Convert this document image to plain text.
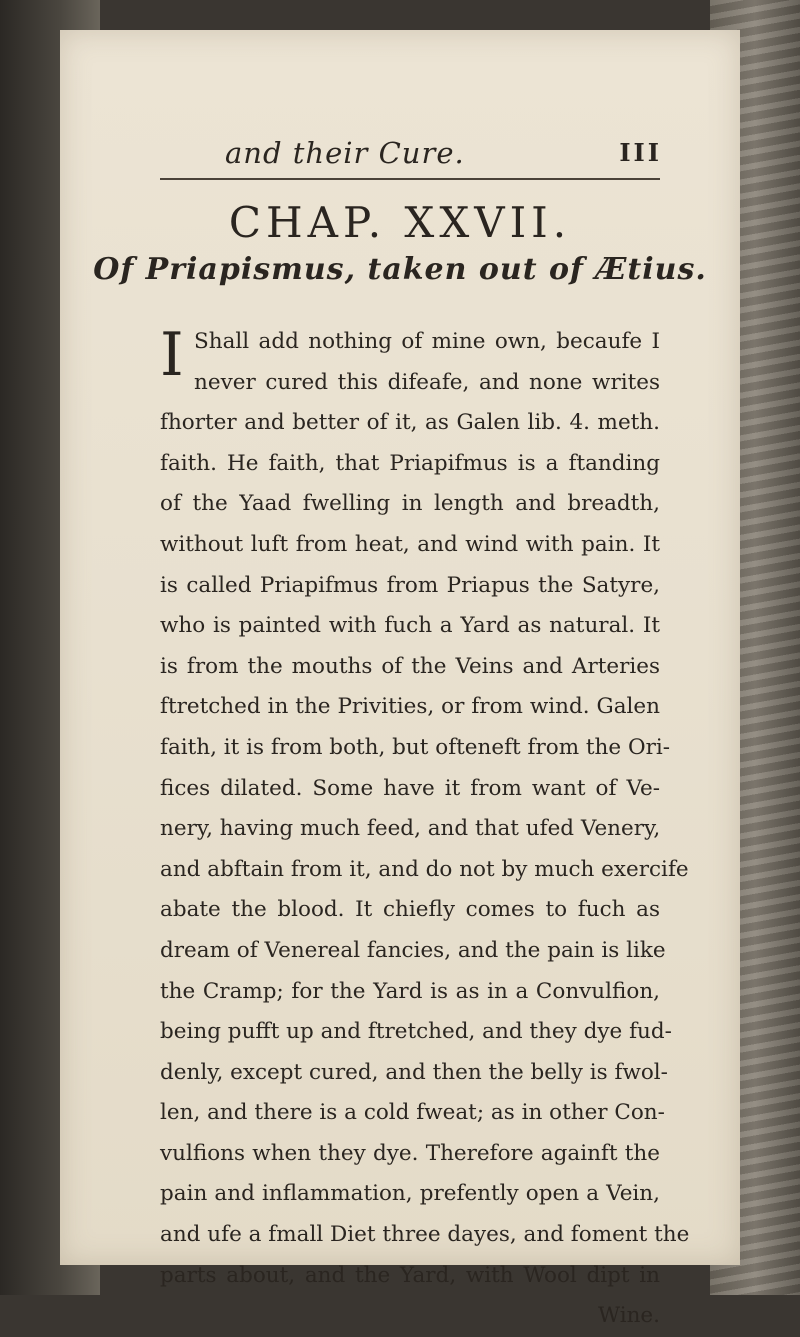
and their Cure.	III
CHAP. XXVII.
Of Priapismus, taken out of Ætius.
I Shall add nothing of mine own, becaufe I
never cured this difeafe, and none writes
fhorter and better of it, as Galen lib. 4. meth.
faith. He faith, that Priapifmus is a ftanding
of the Yaad fwelling in length and breadth,
without luft from heat, and wind with pain. It
is called Priapifmus from Priapus the Satyre,
who is painted with fuch a Yard as natural. It
is from the mouths of the Veins and Arteries
ftretched in the Privities, or from wind. Galen
faith, it is from both, but ofteneft from the Ori-
fices dilated. Some have it from want of Ve-
nery, having much feed, and that ufed Venery,
and abftain from it, and do not by much exercife
abate the blood. It chiefly comes to fuch as
dream of Venereal fancies, and the pain is like
the Cramp; for the Yard is as in a Convulfion,
being pufft up and ftretched, and they dye fud-
denly, except cured, and then the belly is fwol-
len, and there is a cold fweat; as in other Con-
vulfions when they dye. Therefore againft the
pain and inflammation, prefently open a Vein,
and ufe a fmall Diet three dayes, and foment the
parts about, and the Yard, with Wool dipt in
Wine.
